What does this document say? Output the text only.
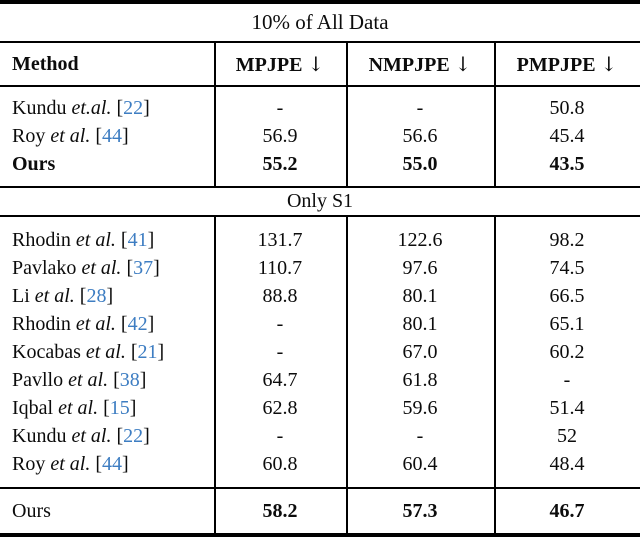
10% of All Data
Method	MPJPE ↓	NMPJPE ↓	PMPJPE ↓
Kundu et.al. [22]	-	-	50.8
Roy et al. [44]	56.9	56.6	45.4
Ours	55.2	55.0	43.5
Only S1
Rhodin et al. [41]	131.7	122.6	98.2
Pavlako et al. [37]	110.7	97.6	74.5
Li et al. [28]	88.8	80.1	66.5
Rhodin et al. [42]	-	80.1	65.1
Kocabas et al. [21]	-	67.0	60.2
Pavllo et al. [38]	64.7	61.8	-
Iqbal et al. [15]	62.8	59.6	51.4
Kundu et al. [22]	-	-	52
Roy et al. [44]	60.8	60.4	48.4
Ours	58.2	57.3	46.7
